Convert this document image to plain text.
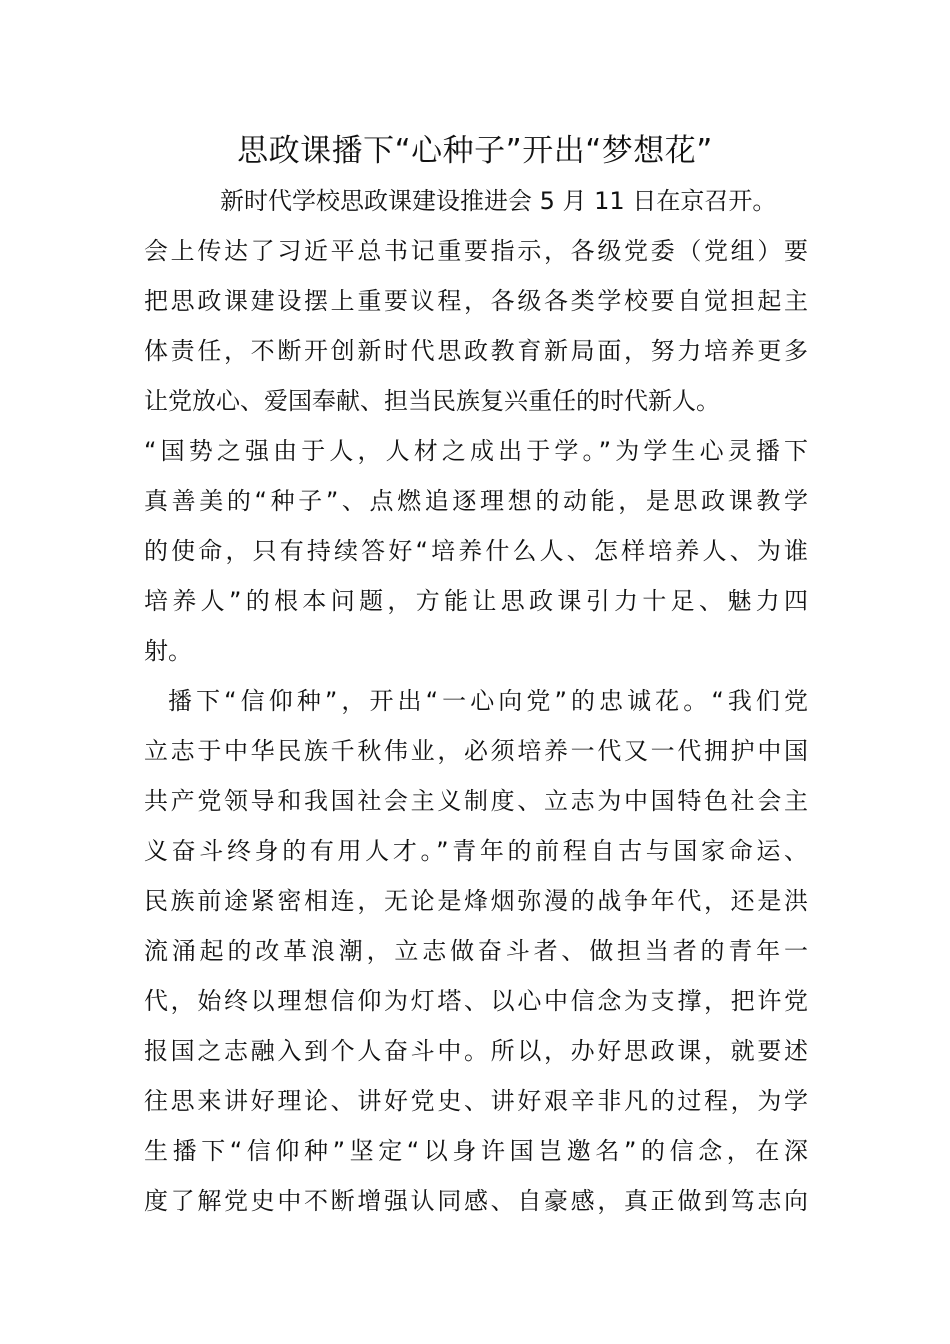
思政课播下“心种子”开出“梦想花”
新时代学校思政课建设推进会 5 月 11 日在京召开。
会上传达了习近平总书记重要指示，各级党委（党组）要
把思政课建设摆上重要议程，各级各类学校要自觉担起主
体责任，不断开创新时代思政教育新局面，努力培养更多
让党放心、爱国奉献、担当民族复兴重任的时代新人。
“国势之强由于人，人材之成出于学。”为学生心灵播下
真善美的“种子”、点燃追逐理想的动能，是思政课教学
的使命，只有持续答好“培养什么人、怎样培养人、为谁
培养人”的根本问题，方能让思政课引力十足、魅力四
射。
播下“信仰种”，开出“一心向党”的忠诚花。“我们党
立志于中华民族千秋伟业，必须培养一代又一代拥护中国
共产党领导和我国社会主义制度、立志为中国特色社会主
义奋斗终身的有用人才。”青年的前程自古与国家命运、
民族前途紧密相连，无论是烽烟弥漫的战争年代，还是洪
流涌起的改革浪潮，立志做奋斗者、做担当者的青年一
代，始终以理想信仰为灯塔、以心中信念为支撑，把许党
报国之志融入到个人奋斗中。所以，办好思政课，就要述
往思来讲好理论、讲好党史、讲好艰辛非凡的过程，为学
生播下“信仰种”坚定“以身许国岂邀名”的信念，在深
度了解党史中不断增强认同感、自豪感，真正做到笃志向
